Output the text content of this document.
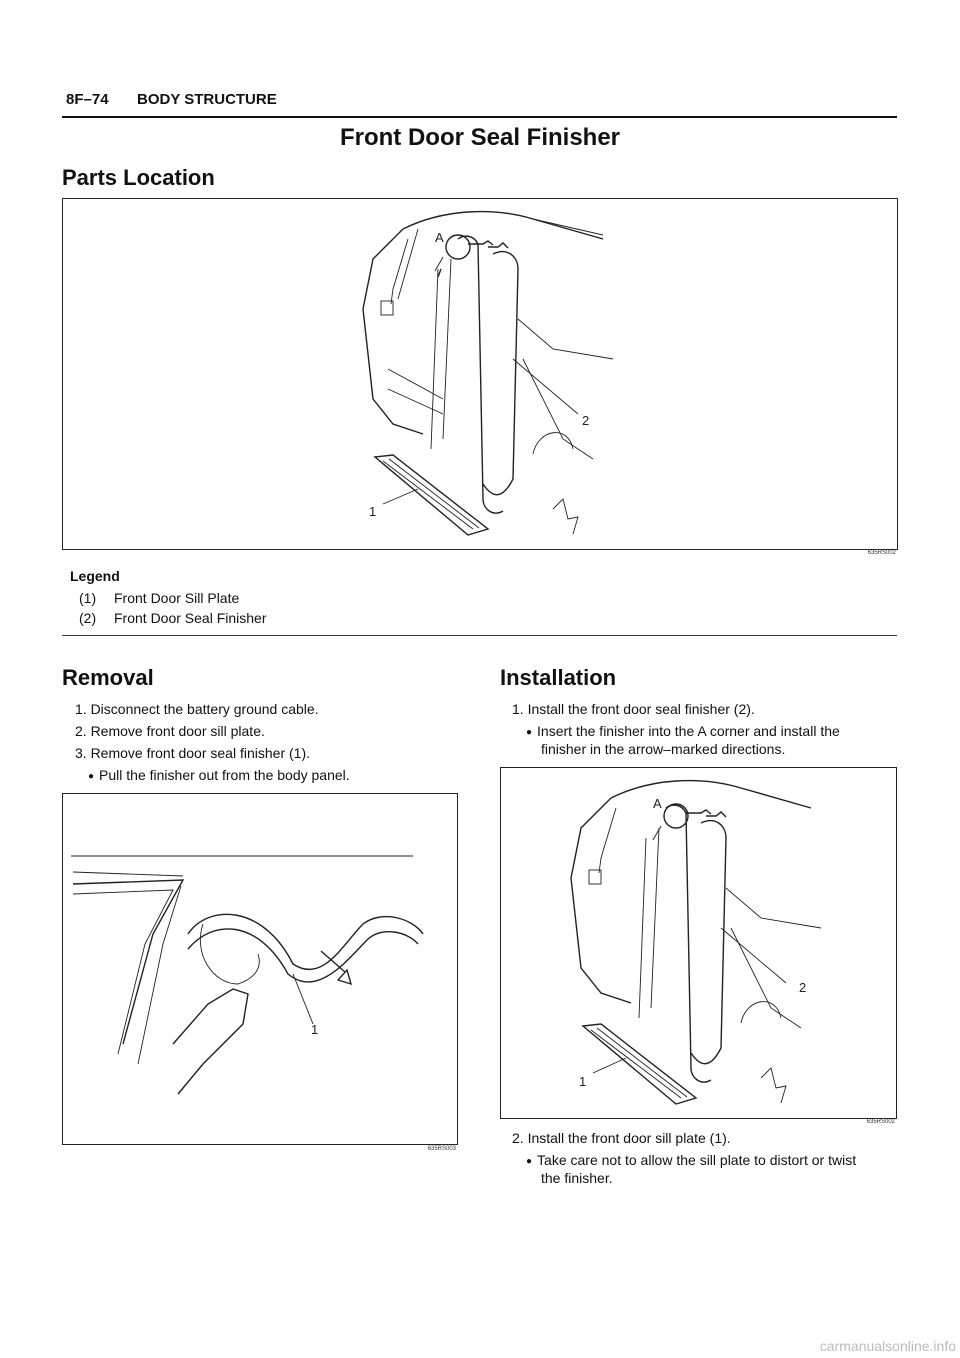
8F–74 BODY STRUCTURE
Front Door Seal Finisher
Parts Location
A
1
2
635RS002
Legend
(1) Front Door Sill Plate
(2) Front Door Seal Finisher
Removal
1. Disconnect the battery ground cable.
2. Remove front door sill plate.
3. Remove front door seal finisher (1).
● Pull the finisher out from the body panel.
1
635RS003
Installation
1. Install the front door seal finisher (2).
● Insert the finisher into the A corner and install the
finisher in the arrow–marked directions.
A
1
2
635RS002
2. Install the front door sill plate (1).
● Take care not to allow the sill plate to distort or twist
the finisher.
carmanualsonline.info
